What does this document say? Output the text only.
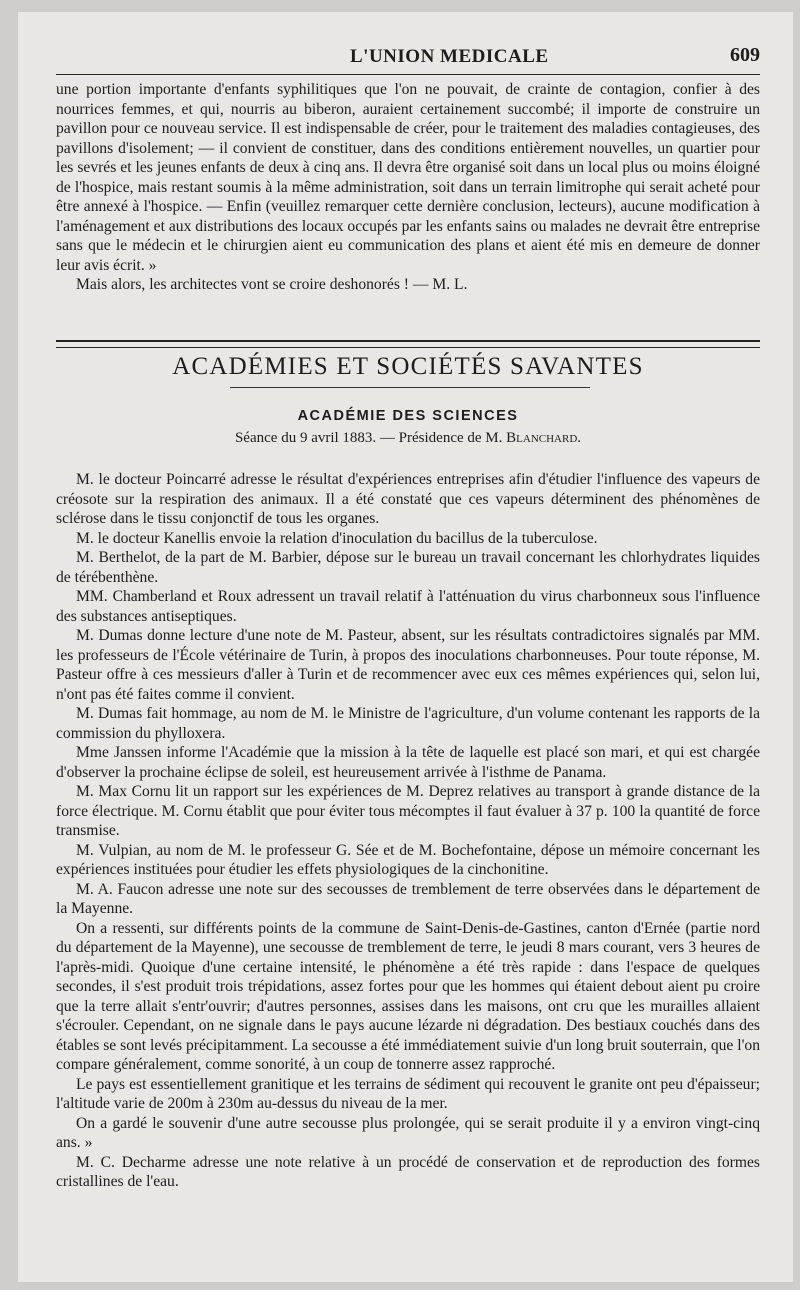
L'UNION MEDICALE	609

une portion importante d'enfants syphilitiques que l'on ne pouvait, de crainte de contagion, confier à des nourrices femmes, et qui, nourris au biberon, auraient certainement succombé; il importe de construire un pavillon pour ce nouveau service. Il est indispensable de créer, pour le traitement des maladies contagieuses, des pavillons d'isolement; — il convient de constituer, dans des conditions entièrement nouvelles, un quartier pour les sevrés et les jeunes enfants de deux à cinq ans. Il devra être organisé soit dans un local plus ou moins éloigné de l'hospice, mais restant soumis à la même administration, soit dans un terrain limitrophe qui serait acheté pour être annexé à l'hospice. — Enfin (veuillez remarquer cette dernière conclusion, lecteurs), aucune modification à l'aménagement et aux distributions des locaux occupés par les enfants sains ou malades ne devrait être entreprise sans que le médecin et le chirurgien aient eu communication des plans et aient été mis en demeure de donner leur avis écrit. »

Mais alors, les architectes vont se croire deshonorés ! — M. L.

ACADÉMIES ET SOCIÉTÉS SAVANTES
ACADÉMIE DES SCIENCES
Séance du 9 avril 1883. — Présidence de M. Blanchard.

M. le docteur Poincarré adresse le résultat d'expériences entreprises afin d'étudier l'influence des vapeurs de créosote sur la respiration des animaux. Il a été constaté que ces vapeurs déterminent des phénomènes de sclérose dans le tissu conjonctif de tous les organes.

M. le docteur Kanellis envoie la relation d'inoculation du bacillus de la tuberculose.

M. Berthelot, de la part de M. Barbier, dépose sur le bureau un travail concernant les chlorhydrates liquides de térébenthène.

MM. Chamberland et Roux adressent un travail relatif à l'atténuation du virus charbonneux sous l'influence des substances antiseptiques.

M. Dumas donne lecture d'une note de M. Pasteur, absent, sur les résultats contradictoires signalés par MM. les professeurs de l'École vétérinaire de Turin, à propos des inoculations charbonneuses. Pour toute réponse, M. Pasteur offre à ces messieurs d'aller à Turin et de recommencer avec eux ces mêmes expériences qui, selon lui, n'ont pas été faites comme il convient.

M. Dumas fait hommage, au nom de M. le Ministre de l'agriculture, d'un volume contenant les rapports de la commission du phylloxera.

Mme Janssen informe l'Académie que la mission à la tête de laquelle est placé son mari, et qui est chargée d'observer la prochaine éclipse de soleil, est heureusement arrivée à l'isthme de Panama.

M. Max Cornu lit un rapport sur les expériences de M. Deprez relatives au transport à grande distance de la force électrique. M. Cornu établit que pour éviter tous mécomptes il faut évaluer à 37 p. 100 la quantité de force transmise.

M. Vulpian, au nom de M. le professeur G. Sée et de M. Bochefontaine, dépose un mémoire concernant les expériences instituées pour étudier les effets physiologiques de la cinchonitine.

M. A. Faucon adresse une note sur des secousses de tremblement de terre observées dans le département de la Mayenne.

On a ressenti, sur différents points de la commune de Saint-Denis-de-Gastines, canton d'Ernée (partie nord du département de la Mayenne), une secousse de tremblement de terre, le jeudi 8 mars courant, vers 3 heures de l'après-midi. Quoique d'une certaine intensité, le phénomène a été très rapide : dans l'espace de quelques secondes, il s'est produit trois trépidations, assez fortes pour que les hommes qui étaient debout aient pu croire que la terre allait s'entr'ouvrir; d'autres personnes, assises dans les maisons, ont cru que les murailles allaient s'écrouler. Cependant, on ne signale dans le pays aucune lézarde ni dégradation. Des bestiaux couchés dans des étables se sont levés précipitamment. La secousse a été immédiatement suivie d'un long bruit souterrain, que l'on compare généralement, comme sonorité, à un coup de tonnerre assez rapproché.

Le pays est essentiellement granitique et les terrains de sédiment qui recouvent le granite ont peu d'épaisseur; l'altitude varie de 200m à 230m au-dessus du niveau de la mer.

On a gardé le souvenir d'une autre secousse plus prolongée, qui se serait produite il y a environ vingt-cinq ans. »

M. C. Decharme adresse une note relative à un procédé de conservation et de reproduction des formes cristallines de l'eau.
